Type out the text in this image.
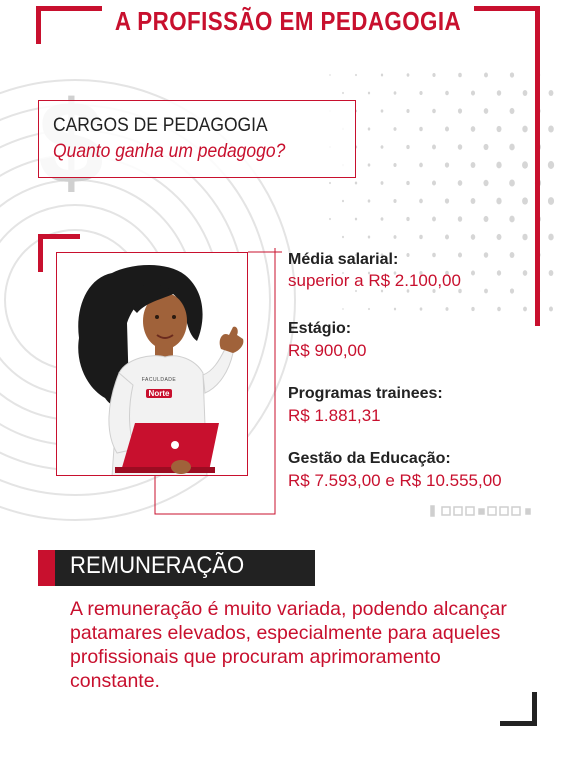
A PROFISSÃO EM PEDAGOGIA
CARGOS DE PEDAGOGIA
Quanto ganha um pedagogo?
FACULDADE
Norte
Média salarial:
superior a R$ 2.100,00
Estágio:
R$ 900,00
Programas trainees:
R$ 1.881,31
Gestão da Educação:
R$ 7.593,00 e R$ 10.555,00
REMUNERAÇÃO
A remuneração é muito variada, podendo alcançar patamares elevados, especialmente para aqueles profissionais que procuram aprimoramento constante.
